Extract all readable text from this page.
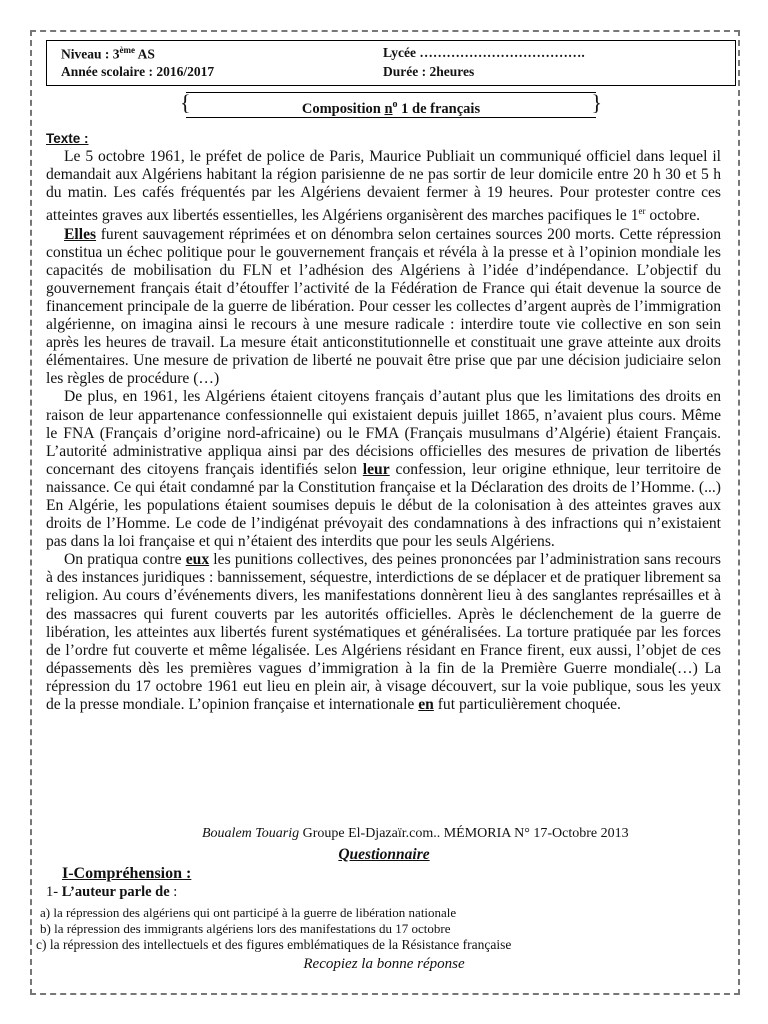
Niveau : 3ème AS
Année scolaire : 2016/2017
Lycée ……………………………….
Durée : 2heures
{	Composition $n^o$ 1 de français	}
Texte :

Le 5 octobre 1961, le préfet de police de Paris, Maurice Publiait un communiqué officiel dans lequel il demandait aux Algériens habitant la région parisienne de ne pas sortir de leur domicile entre 20 h 30 et 5 h du matin. Les cafés fréquentés par les Algériens devaient fermer à 19 heures. Pour protester contre ces atteintes graves aux libertés essentielles, les Algériens organisèrent des marches pacifiques le 1er octobre.

Elles furent sauvagement réprimées et on dénombra selon certaines sources 200 morts. Cette répression constitua un échec politique pour le gouvernement français et révéla à la presse et à l’opinion mondiale les capacités de mobilisation du FLN et l’adhésion des Algériens à l’idée d’indépendance. L’objectif du gouvernement français était d’étouffer l’activité de la Fédération de France qui était devenue la source de financement principale de la guerre de libération. Pour cesser les collectes d’argent auprès de l’immigration algérienne, on imagina ainsi le recours à une mesure radicale : interdire toute vie collective en son sein après les heures de travail. La mesure était anticonstitutionnelle et constituait une grave atteinte aux droits élémentaires. Une mesure de privation de liberté ne pouvait être prise que par une décision judiciaire selon les règles de procédure (…)

De plus, en 1961, les Algériens étaient citoyens français d’autant plus que les limitations des droits en raison de leur appartenance confessionnelle qui existaient depuis juillet 1865, n’avaient plus cours. Même le FNA (Français d’origine nord-africaine) ou le FMA (Français musulmans d’Algérie) étaient Français. L’autorité administrative appliqua ainsi par des décisions officielles des mesures de privation de libertés concernant des citoyens français identifiés selon leur confession, leur origine ethnique, leur territoire de naissance. Ce qui était condamné par la Constitution française et la Déclaration des droits de l’Homme. (...) En Algérie, les populations étaient soumises depuis le début de la colonisation à des atteintes graves aux droits de l’Homme. Le code de l’indigénat prévoyait des condamnations à des infractions qui n’existaient pas dans la loi française et qui n’étaient des interdits que pour les seuls Algériens.

On pratiqua contre eux les punitions collectives, des peines prononcées par l’administration sans recours à des instances juridiques : bannissement, séquestre, interdictions de se déplacer et de pratiquer librement sa religion. Au cours d’événements divers, les manifestations donnèrent lieu à des sanglantes représailles et à des massacres qui furent couverts par les autorités officielles. Après le déclenchement de la guerre de libération, les atteintes aux libertés furent systématiques et généralisées. La torture pratiquée par les forces de l’ordre fut couverte et même légalisée. Les Algériens résidant en France firent, eux aussi, l’objet de ces dépassements dès les premières vagues d’immigration à la fin de la Première Guerre mondiale(…) La répression du 17 octobre 1961 eut lieu en plein air, à visage découvert, sur la voie publique, sous les yeux de la presse mondiale. L’opinion française et internationale en fut particulièrement choquée.

Boualem Touarig Groupe El-Djazaïr.com.. MÉMORIA N° 17-Octobre 2013
Questionnaire
I-Compréhension :
1- L’auteur parle de :
a) la répression des algériens qui ont participé à la guerre de libération nationale
b) la répression des immigrants algériens lors des manifestations du 17 octobre
c) la répression des intellectuels et des figures emblématiques de la Résistance française
Recopiez la bonne réponse
